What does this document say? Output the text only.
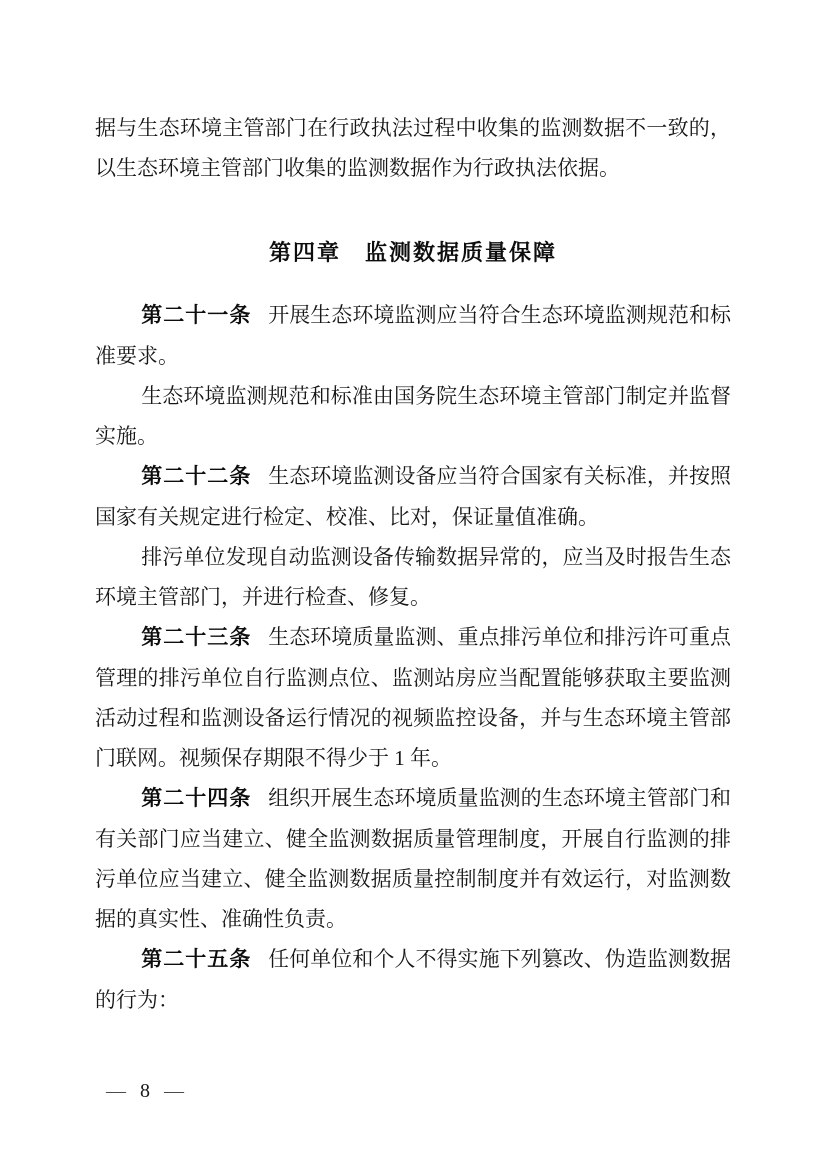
据与生态环境主管部门在行政执法过程中收集的监测数据不一致的，以生态环境主管部门收集的监测数据作为行政执法依据。

第四章　监测数据质量保障

第二十一条 开展生态环境监测应当符合生态环境监测规范和标准要求。

生态环境监测规范和标准由国务院生态环境主管部门制定并监督实施。

第二十二条 生态环境监测设备应当符合国家有关标准，并按照国家有关规定进行检定、校准、比对，保证量值准确。

排污单位发现自动监测设备传输数据异常的，应当及时报告生态环境主管部门，并进行检查、修复。

第二十三条 生态环境质量监测、重点排污单位和排污许可重点管理的排污单位自行监测点位、监测站房应当配置能够获取主要监测活动过程和监测设备运行情况的视频监控设备，并与生态环境主管部门联网。视频保存期限不得少于 1 年。

第二十四条 组织开展生态环境质量监测的生态环境主管部门和有关部门应当建立、健全监测数据质量管理制度，开展自行监测的排污单位应当建立、健全监测数据质量控制制度并有效运行，对监测数据的真实性、准确性负责。

第二十五条 任何单位和个人不得实施下列篡改、伪造监测数据的行为：

— 8 —
